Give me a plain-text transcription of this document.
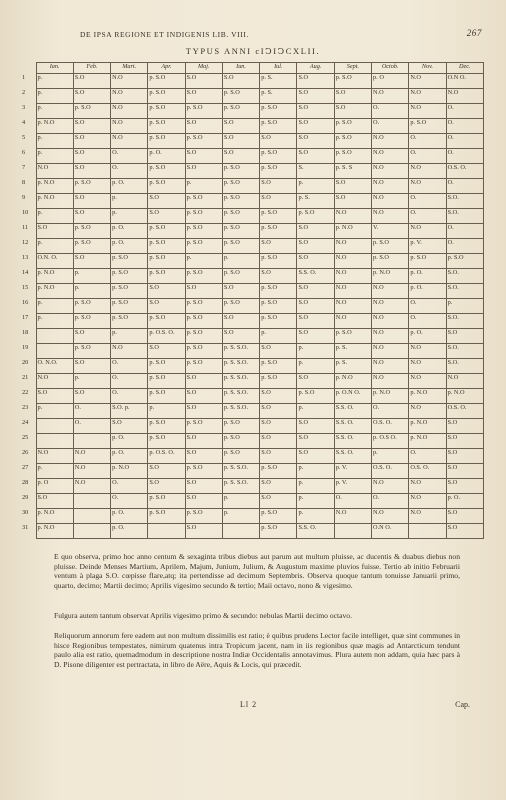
DE IPSA REGIONE ET INDIGENIS LIB. VIII.	267
TYPUS ANNI cIↃIↃCXLII.
	Ian.	Feb.	Mart.	Apr.	Maj.	Iun.	Iul.	Aug.	Sept.	Octob.	Nov.	Dec.
1	p.	S.O	N.O	p. S.O	S.O	S.O	p. S.	S.O	p. S.O	p. O	N.O	O.N O.
2	p.	S.O	N.O	p. S.O	S.O	p. S.O	p. S.	S.O	S.O	N.O	N.O	N.O
3	p.	p. S.O	N.O	p. S.O	p. S.O	p. S.O	p. S.O	S.O	S.O	O.	N.O	O.
4	p. N.O	S.O	N.O	p. S.O	S.O	S.O	p. S.O	S.O	p. S.O	O.	p. S.O	O.
5	p.	S.O	N.O	p. S.O	p. S.O	S.O	S.O	S.O	p. S.O	N.O	O.	O.
6	p.	S.O	O.	p. O.	S.O	S.O	p. S.O	S.O	p. S.O	N.O	O.	O.
7	N.O	S.O	O.	p. S.O	S.O	p. S.O	p. S.O	S.	p. S. S	N.O	N.O	O.S. O.
8	p. N.O	p. S.O	p. O.	p. S.O	p.	p. S.O	S.O	p.	S.O	N.O	N.O	O.
9	p. N.O	S.O	p.	S.O	p. S.O	p. S.O	S.O	p. S.	S.O	N.O	O.	S.O.
10	p.	S.O	p.	S.O	p. S.O	p. S.O	p. S.O	p. S.O	N.O	N.O	O.	S.O.
11	S.O	p. S.O	p. O.	p. S.O	p. S.O	p. S.O	p. S.O	S.O	p. N.O	V.	N.O	O.
12	p.	p. S.O	p. O.	p. S.O	p. S.O	p. S.O	S.O	S.O	N.O	p. S.O	p. V.	O.
13	O.N. O.	S.O	p. S.O	p. S.O	p.	p.	p. S.O	S.O	N.O	p. S.O	p. S.O	p. S.O
14	p. N.O	p.	p. S.O	p. S.O	p. S.O	p. S.O	S.O	S.S. O.	N.O	p. N.O	p. O.	S.O.
15	p. N.O	p.	p. S.O	S.O	S.O	S.O	p. S.O	S.O	N.O	N.O	p. O.	S.O.
16	p.	p. S.O	p. S.O	S.O	p. S.O	p. S.O	p. S.O	S.O	N.O	N.O	O.	p.
17	p.	p. S.O	p. S.O	p. S.O	p. S.O	S.O	p. S.O	S.O	N.O	N.O	O.	S.O.
18		S.O	p.	p. O.S. O.	p. S.O	S.O	p.	S.O	p. S.O	N.O	p. O.	S.O
19		p. S.O	N.O	S.O	p. S.O	p. S. S.O.	S.O	p.	p. S.	N.O	N.O	S.O.
20	O. N.O.	S.O	O.	p. S.O	p. S.O	p. S. S.O.	p. S.O	p.	p. S.	N.O	N.O	S.O.
21	N.O	p.	O.	p. S.O	S.O	p. S. S.O.	p. S.O	S.O	p. N.O	N.O	N.O	N.O
22	S.O	S.O	O.	p. S.O	S.O	p. S. S.O.	S.O	p. S.O	p. O.N O.	p. N.O	p. N.O	p. N.O
23	p.	O.	S.O. p.	p.	S.O	p. S. S.O.	S.O	p.	S.S. O.	O.	N.O	O.S. O.
24		O.	S.O	p. S.O	p. S.O	p. S.O	S.O	S.O	S.S. O.	O.S. O.	p. N.O	S.O
25			p. O.	p. S.O	S.O	p. S.O	S.O	S.O	S.S. O.	p. O.S O.	p. N.O	S.O
26	N.O	N.O	p. O.	p. O.S. O.	S.O	p. S.O	S.O	S.O	S.S. O.	p.	O.	S.O
27	p.	N.O	p. N.O	S.O	p. S.O	p. S. S.O.	p. S.O	p.	p. V.	O.S. O.	O.S. O.	S.O
28	p. O	N.O	O.	S.O	S.O	p. S. S.O.	S.O	p.	p. V.	N.O	N.O	S.O
29	S.O		O.	p. S.O	S.O	p.	S.O	p.	O.	O.	N.O	p. O.
30	p. N.O		p. O.	p. S.O	p. S.O	p.	p. S.O	p.	N.O	N.O	N.O	S.O
31	p. N.O		p. O.		S.O		p. S.O	S.S. O.		O.N O.		S.O
E quo observa, primo hoc anno centum & sexaginta tribus diebus aut parum aut multum pluisse, ac ducentis & duabus diebus non pluisse. Deinde Menses Martium, Aprilem, Majum, Junium, Julium, & Augustum maxime pluvios fuisse. Tertio ab initio Februarii ventum à plaga S.O. cœpisse flare,atq; ita pertendisse ad decimum Septembris. Observa quoque tantum tonuisse Januarii primo, quarto, decimo; Martii decimo; Aprilis vigesimo secundo & tertio; Maii octavo, nono & vigesimo.
Fulgura autem tantum observat Aprilis vigesimo primo & secundo: nebulas Martii decimo octavo.
Reliquorum annorum fere eadem aut non multum dissimilis est ratio; è quibus prudens Lector facile intelliget, quæ sint communes in hisce Regionibus tempestates, nimirum quatenus intra Tropicum jacent, nam in iis regionibus quæ magis ad Antarcticum tendunt paulo alia est ratio, quemadmodum in descriptione nostra Indiæ Occidentalis annotavimus. Plura autem non addam, quia hæc pars à D. Pisone diligenter est pertractata, in libro de Aëre, Aquis & Locis, qui præcedit.
Ll 2	Cap.
